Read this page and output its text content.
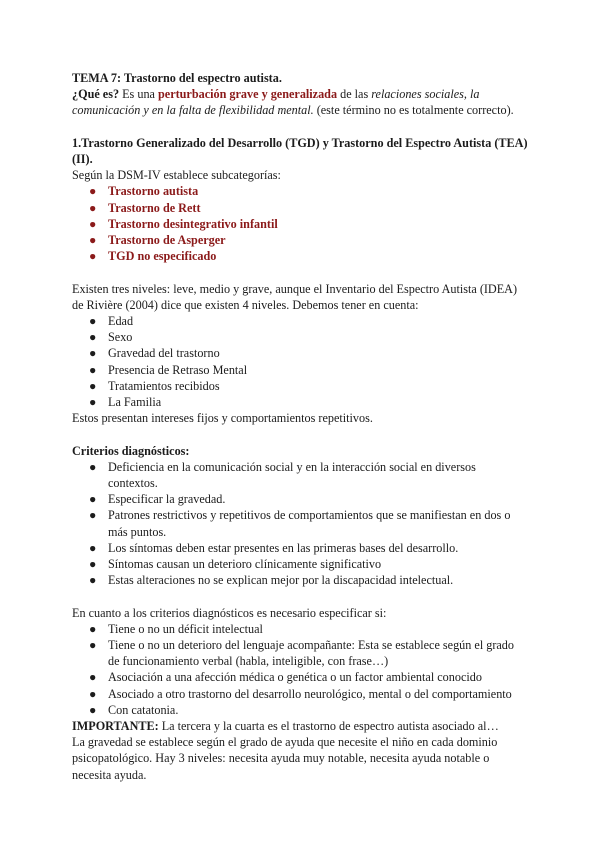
TEMA 7: Trastorno del espectro autista.

¿Qué es? Es una perturbación grave y generalizada de las relaciones sociales, la comunicación y en la falta de flexibilidad mental. (este término no es totalmente correcto).

1.Trastorno Generalizado del Desarrollo (TGD) y Trastorno del Espectro Autista (TEA) (II).

Según la DSM-IV establece subcategorías:

● Trastorno autista
● Trastorno de Rett
● Trastorno desintegrativo infantil
● Trastorno de Asperger
● TGD no especificado

Existen tres niveles: leve, medio y grave, aunque el Inventario del Espectro Autista (IDEA) de Rivière (2004) dice que existen 4 niveles. Debemos tener en cuenta:

● Edad
● Sexo
● Gravedad del trastorno
● Presencia de Retraso Mental
● Tratamientos recibidos
● La Familia

Estos presentan intereses fijos y comportamientos repetitivos.

Criterios diagnósticos:

● Deficiencia en la comunicación social y en la interacción social en diversos contextos.
● Especificar la gravedad.
● Patrones restrictivos y repetitivos de comportamientos que se manifiestan en dos o más puntos.
● Los síntomas deben estar presentes en las primeras bases del desarrollo.
● Síntomas causan un deterioro clínicamente significativo
● Estas alteraciones no se explican mejor por la discapacidad intelectual.

En cuanto a los criterios diagnósticos es necesario especificar si:

● Tiene o no un déficit intelectual
● Tiene o no un deterioro del lenguaje acompañante: Esta se establece según el grado de funcionamiento verbal (habla, inteligible, con frase…)
● Asociación a una afección médica o genética o un factor ambiental conocido
● Asociado a otro trastorno del desarrollo neurológico, mental o del comportamiento
● Con catatonia.

IMPORTANTE: La tercera y la cuarta es el trastorno de espectro autista asociado al…

La gravedad se establece según el grado de ayuda que necesite el niño en cada dominio psicopatológico. Hay 3 niveles: necesita ayuda muy notable, necesita ayuda notable o necesita ayuda.
